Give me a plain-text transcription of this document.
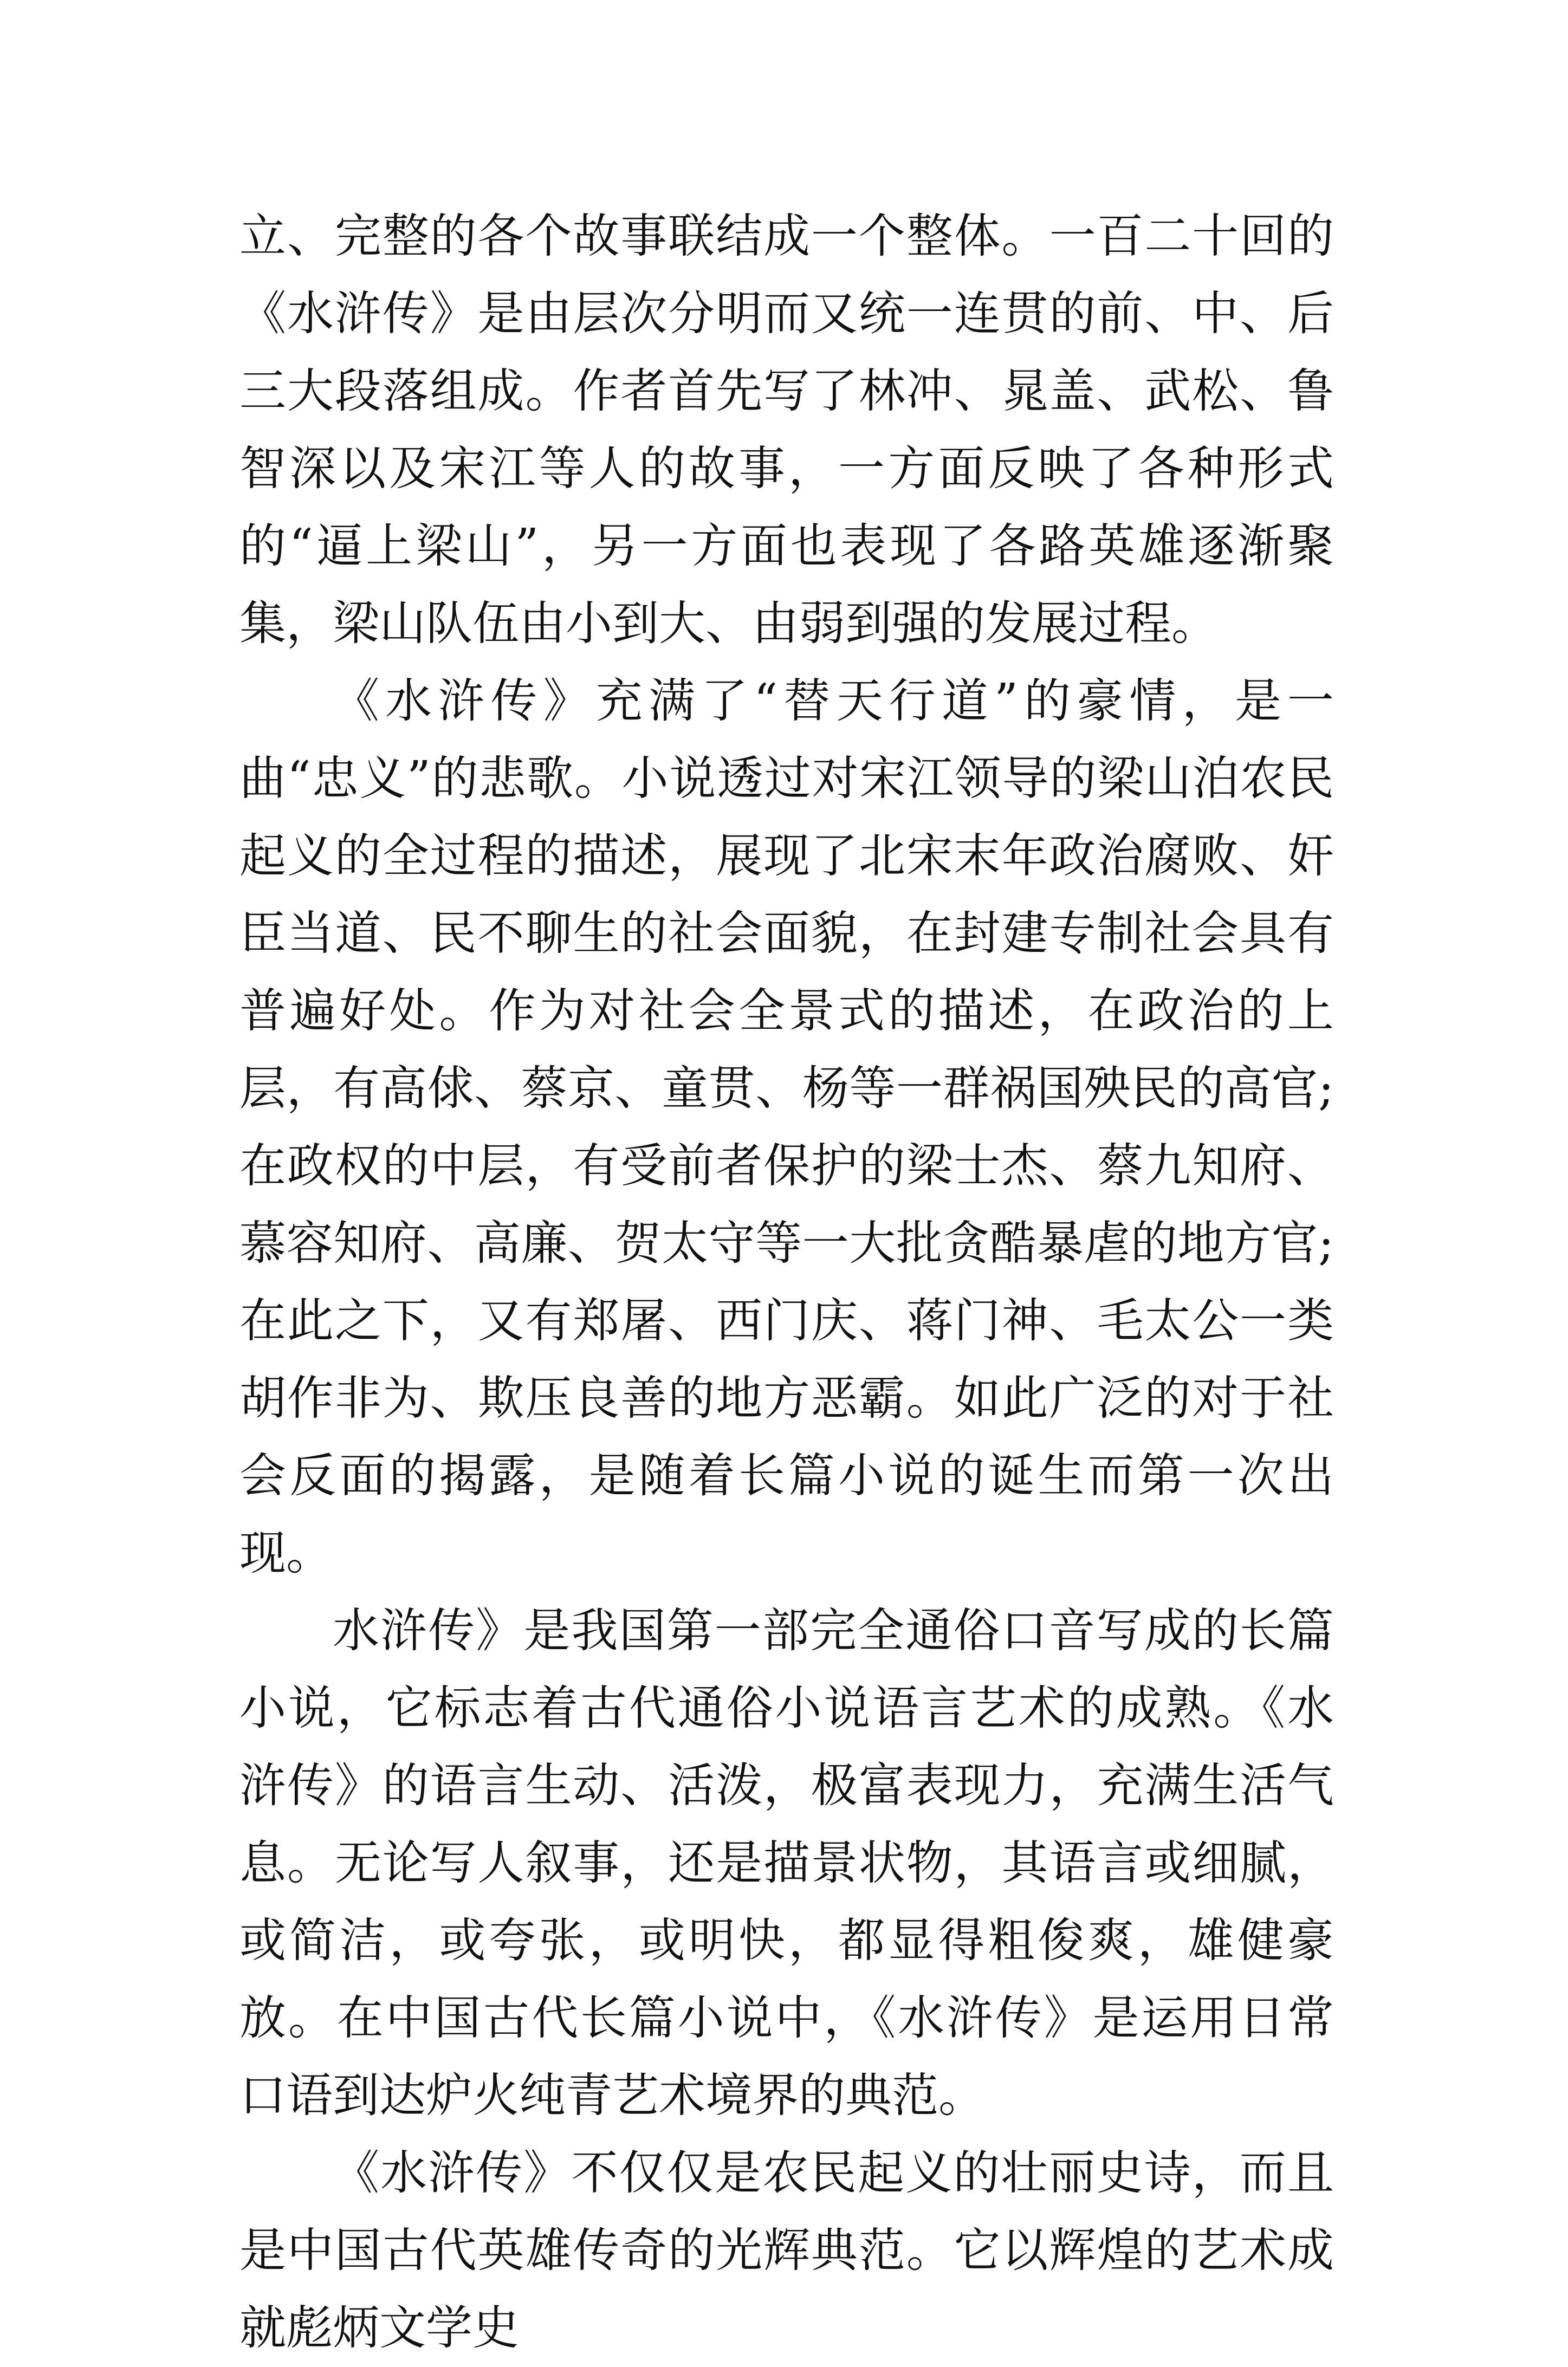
立、完整的各个故事联结成一个整体。一百二十回的《水浒传》是由层次分明而又统一连贯的前、中、后三大段落组成。作者首先写了林冲、晁盖、武松、鲁智深以及宋江等人的故事，一方面反映了各种形式的“逼上梁山”，另一方面也表现了各路英雄逐渐聚集，梁山队伍由小到大、由弱到强的发展过程。

《水浒传》充满了“替天行道”的豪情，是一曲“忠义”的悲歌。小说透过对宋江领导的梁山泊农民起义的全过程的描述，展现了北宋末年政治腐败、奸臣当道、民不聊生的社会面貌，在封建专制社会具有普遍好处。作为对社会全景式的描述，在政治的上层，有高俅、蔡京、童贯、杨等一群祸国殃民的高官;在政权的中层，有受前者保护的梁士杰、蔡九知府、慕容知府、高廉、贺太守等一大批贪酷暴虐的地方官;在此之下，又有郑屠、西门庆、蒋门神、毛太公一类胡作非为、欺压良善的地方恶霸。如此广泛的对于社会反面的揭露，是随着长篇小说的诞生而第一次出现。

水浒传》是我国第一部完全通俗口音写成的长篇小说，它标志着古代通俗小说语言艺术的成熟。《水浒传》的语言生动、活泼，极富表现力，充满生活气息。无论写人叙事，还是描景状物，其语言或细腻，或简洁，或夸张，或明快，都显得粗俊爽，雄健豪放。在中国古代长篇小说中，《水浒传》是运用日常口语到达炉火纯青艺术境界的典范。

《水浒传》不仅仅是农民起义的壮丽史诗，而且是中国古代英雄传奇的光辉典范。它以辉煌的艺术成就彪炳文学史
